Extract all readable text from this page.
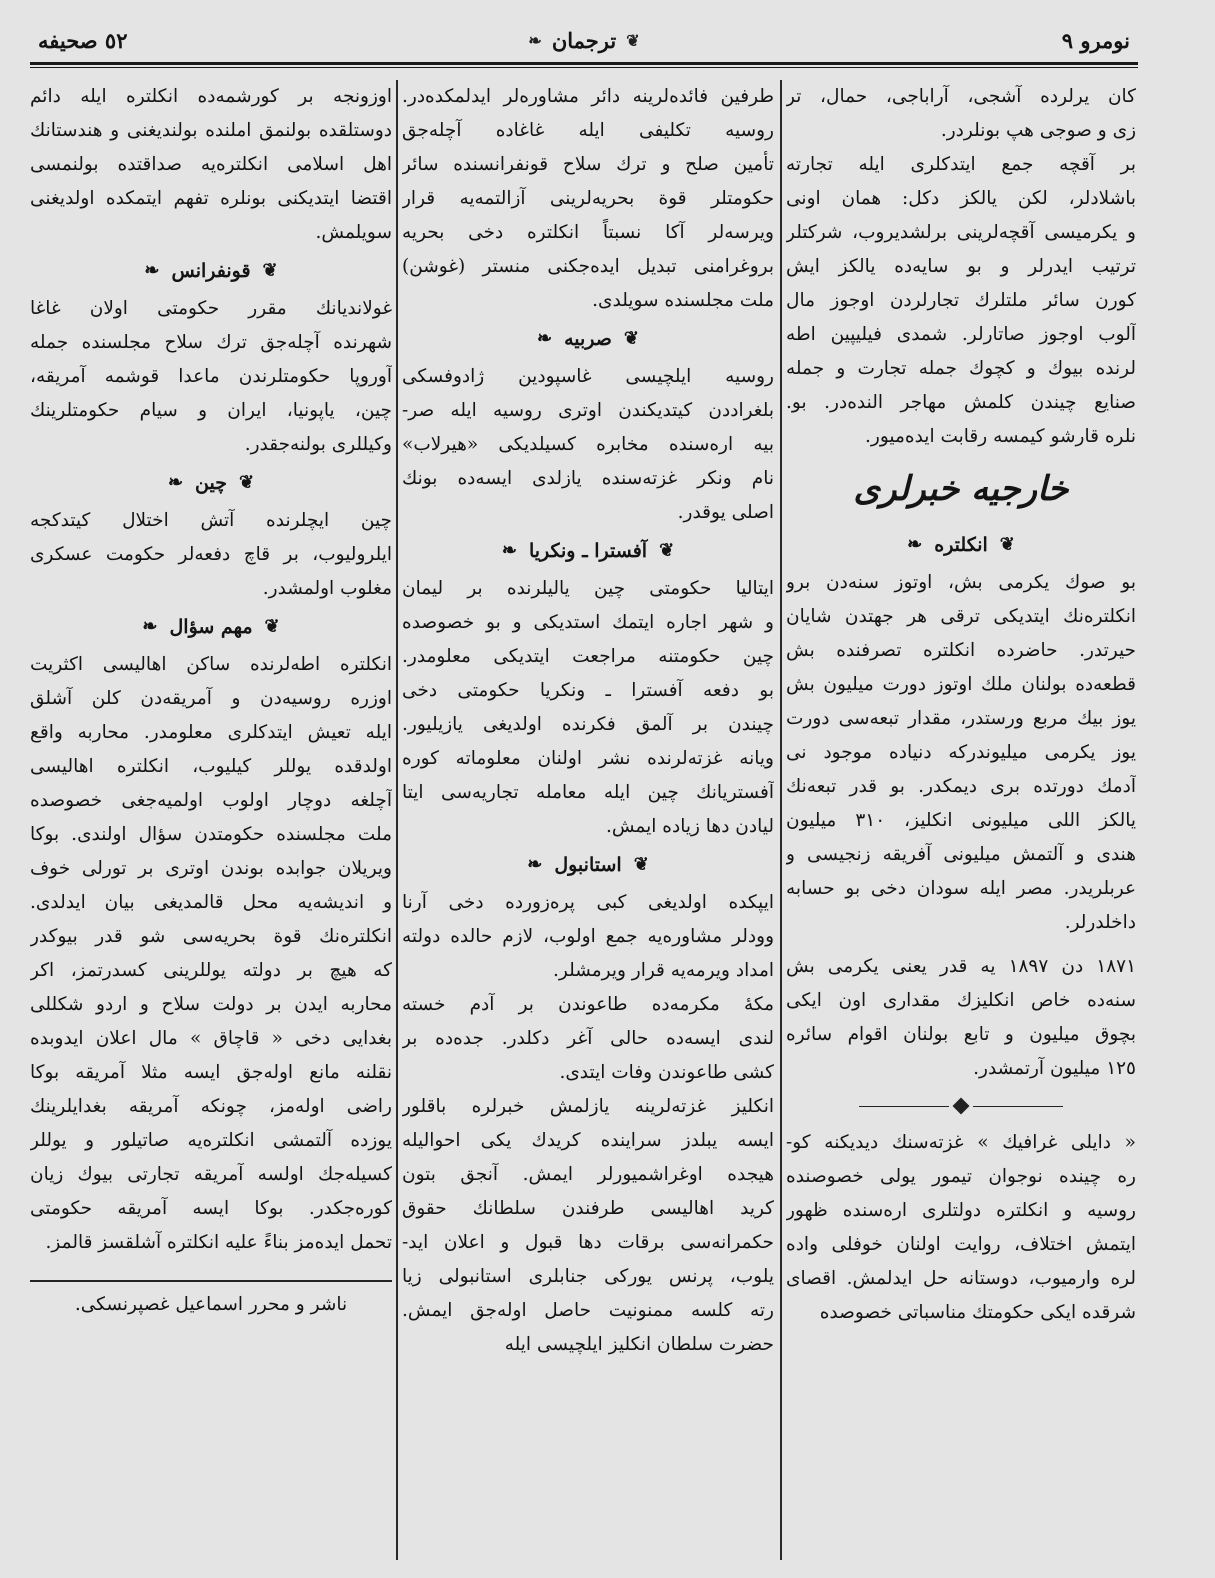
نومرو ۹
❦
ترجمان
❧
٥٢ صحيفه
كان يرلرده آشجى، آراباجى، حمال، تر
زى و صوجى هپ بونلردر.
بر آقچه جمع ايتدكلرى ايله تجارته
باشلادلر، لكن يالكز دكل: همان اونى
و يكرميسى آقچه‌لرينى برلشديروب، شركتلر
ترتيب ايدرلر و بو سايه‌ده يالكز ايش
كورن سائر ملتلرك تجارلردن اوجوز مال
آلوب اوجوز صاتارلر. شمدى فيليپين اطه
لرنده بيوك و كچوك جمله تجارت و جمله
صنايع چيندن كلمش مهاجر الندەدر. بو.
نلره قارشو كيمسه رقابت ايده‌ميور.
خارجيه خبرلرى
❦
انكلتره
❧
بو صوك يكرمى بش، اوتوز سنه‌دن برو
انكلتره‌نك ايتديكى ترقى هر جهتدن شايان
حيرتدر. حاضرده انكلتره تصرفنده بش
قطعه‌ده بولنان ملك اوتوز دورت ميليون بش
يوز بيك مربع ورستدر، مقدار تبعه‌سى دورت
يوز يكرمى ميليوندركه دنياده موجود نى
آدمك دورتده برى ديمكدر. بو قدر تبعه‌نك
يالكز اللى ميليونى انكليز، ٣١٠ ميليون
هندى و آلتمش ميليونى آفريقه زنجيسى و
عربلريدر. مصر ايله سودان دخى بو حسابه
داخلدرلر.
١٨٧١ دن ١٨٩٧ يه قدر يعنى يكرمى بش
سنه‌ده خاص انكليزك مقدارى اون ايكى
بچوق ميليون و تابع بولنان اقوام سائره
١٢٥ ميليون آرتمشدر.
« دايلى غرافيك » غزته‌سنك ديديكنه كو-
ره چينده نوجوان تيمور يولى خصوصنده
روسيه و انكلتره دولتلرى اره‌سنده ظهور
ايتمش اختلاف، روايت اولنان خوفلى واده
لره وارميوب، دوستانه حل ايدلمش. اقصاى
شرقده ايكى حكومتك مناسباتى خصوصده
طرفين فائده‌لرينه دائر مشاوره‌لر ايدلمكده‌در.
روسيه تكليفى ايله غاغاده آچله‌جق
تأمين صلح و ترك سلاح قونفرانسنده سائر
حكومتلر قوة بحريه‌لرينى آزالتمه‌يه قرار
ويرسه‌لر آكا نسبتاً انكلتره دخى بحريه
بروغرامنى تبديل ايده‌جكنى منستر (غوشن)
ملت مجلسنده سويلدى.
❦
صربيه
❧
روسيه ايلچيسى غاسپودين ژادوفسكى
بلغراددن كيتديكندن اوترى روسيه ايله صر-
بيه اره‌سنده مخابره كسيلديكى «هيرلاب»
نام ونكر غزته‌سنده يازلدى ايسه‌ده بونك
اصلى يوقدر.
❦
آفسترا ـ ونكريا
❧
ايتاليا حكومتى چين ياليلرنده بر ليمان
و شهر اجاره ايتمك استديكى و بو خصوصده
چين حكومتنه مراجعت ايتديكى معلومدر.
بو دفعه آفسترا ـ ونكريا حكومتى دخى
چيندن بر آلمق فكرنده اولديغى يازيليور.
ويانه غزته‌لرنده نشر اولنان معلوماته كوره
آفستريانك چين ايله معامله تجاريه‌سى ايتا
ليادن دها زياده ايمش.
❦
استانبول
❧
ايپكده اولديغى كبى پره‌زورده دخى آرنا
وودلر مشاوره‌يه جمع اولوب، لازم حالده دولته
امداد ويرمه‌يه قرار ويرمشلر.
مكهٔ مكرمه‌ده طاعوندن بر آدم خسته
لندى ايسه‌ده حالى آغر دكلدر. جده‌ده بر
كشى طاعوندن وفات ايتدى.
انكليز غزته‌لرينه يازلمش خبرلره باقلور
ايسه يبلدز سراينده كريدك يكى احواليله
هيجده اوغراشميورلر ايمش. آنجق بتون
كريد اهاليسى طرفندن سلطانك حقوق
حكمرانه‌سى برقات دها قبول و اعلان ايد-
يلوب، پرنس يوركى جنابلرى استانبولى زيا
رته كلسه ممنونيت حاصل اوله‌جق ايمش.
حضرت سلطان انكليز ايلچيسى ايله
اوزونجه بر كورشمه‌ده انكلتره ايله دائم
دوستلقده بولنمق املنده بولنديغنى و هندستانك
اهل اسلامى انكلتره‌يه صداقتده بولنمسى
اقتضا ايتديكنى بونلره تفهم ايتمكده اولديغنى
سويلمش.
❦
قونفرانس
❧
غولانديانك مقرر حكومتى اولان غاغا
شهرنده آچله‌جق ترك سلاح مجلسنده جمله
آوروپا حكومتلرندن ماعدا قوشمه آمريقه،
چين، ياپونيا، ايران و سيام حكومتلرينك
وكيللرى بولنه‌جقدر.
❦
چين
❧
چين ايچلرنده آتش اختلال كيتدكجه
ايلروليوب، بر قاچ دفعه‌لر حكومت عسكرى
مغلوب اولمشدر.
❦
مهم سؤال
❧
انكلتره اطه‌لرنده ساكن اهاليسى اكثريت
اوزره روسيه‌دن و آمريقه‌دن كلن آشلق
ايله تعيش ايتدكلرى معلومدر. محاربه واقع
اولدقده يوللر كيليوب، انكلتره اهاليسى
آچلغه دوچار اولوب اولميه‌جغى خصوصده
ملت مجلسنده حكومتدن سؤال اولندى. بوكا
ويريلان جوابده بوندن اوترى بر تورلى خوف
و انديشه‌يه محل قالمديغى بيان ايدلدى.
انكلتره‌نك قوة بحريه‌سى شو قدر بيوكدر
كه هيچ بر دولته يوللرينى كسدرتمز، اكر
محاربه ايدن بر دولت سلاح و اردو شكللى
بغدايى دخى « قاچاق » مال اعلان ايدوبده
نقلنه مانع اوله‌جق ايسه مثلا آمريقه بوكا
راضى اوله‌مز، چونكه آمريقه بغدايلرينك
يوزده آلتمشى انكلتره‌يه صاتيلور و يوللر
كسيله‌جك اولسه آمريقه تجارتى بيوك زيان
كوره‌جكدر. بوكا ايسه آمريقه حكومتى
تحمل ايده‌مز بناءً عليه انكلتره آشلقسز قالمز.
ناشر و محرر اسماعيل غصپرنسكى.
